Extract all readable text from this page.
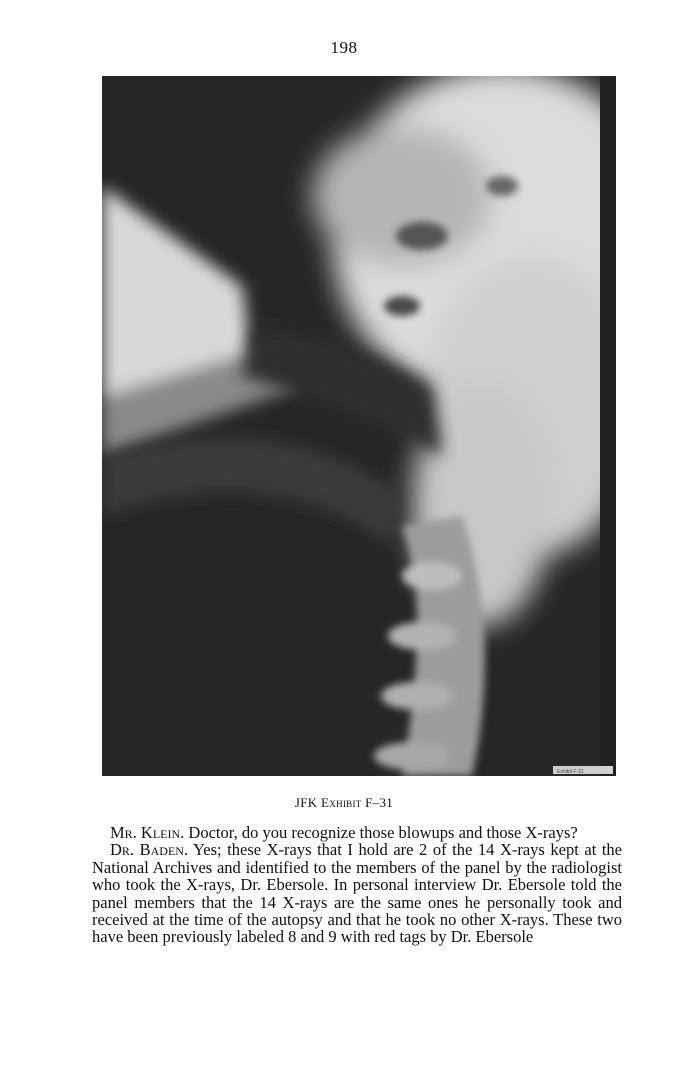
198
Exhibit F-31
JFK Exhibit F–31

Mr. Klein. Doctor, do you recognize those blowups and those X-rays?

Dr. Baden. Yes; these X-rays that I hold are 2 of the 14 X-rays kept at the National Archives and identified to the members of the panel by the radiologist who took the X-rays, Dr. Ebersole. In personal interview Dr. Ebersole told the panel members that the 14 X-rays are the same ones he personally took and received at the time of the autopsy and that he took no other X-rays. These two have been previously labeled 8 and 9 with red tags by Dr. Ebersole
